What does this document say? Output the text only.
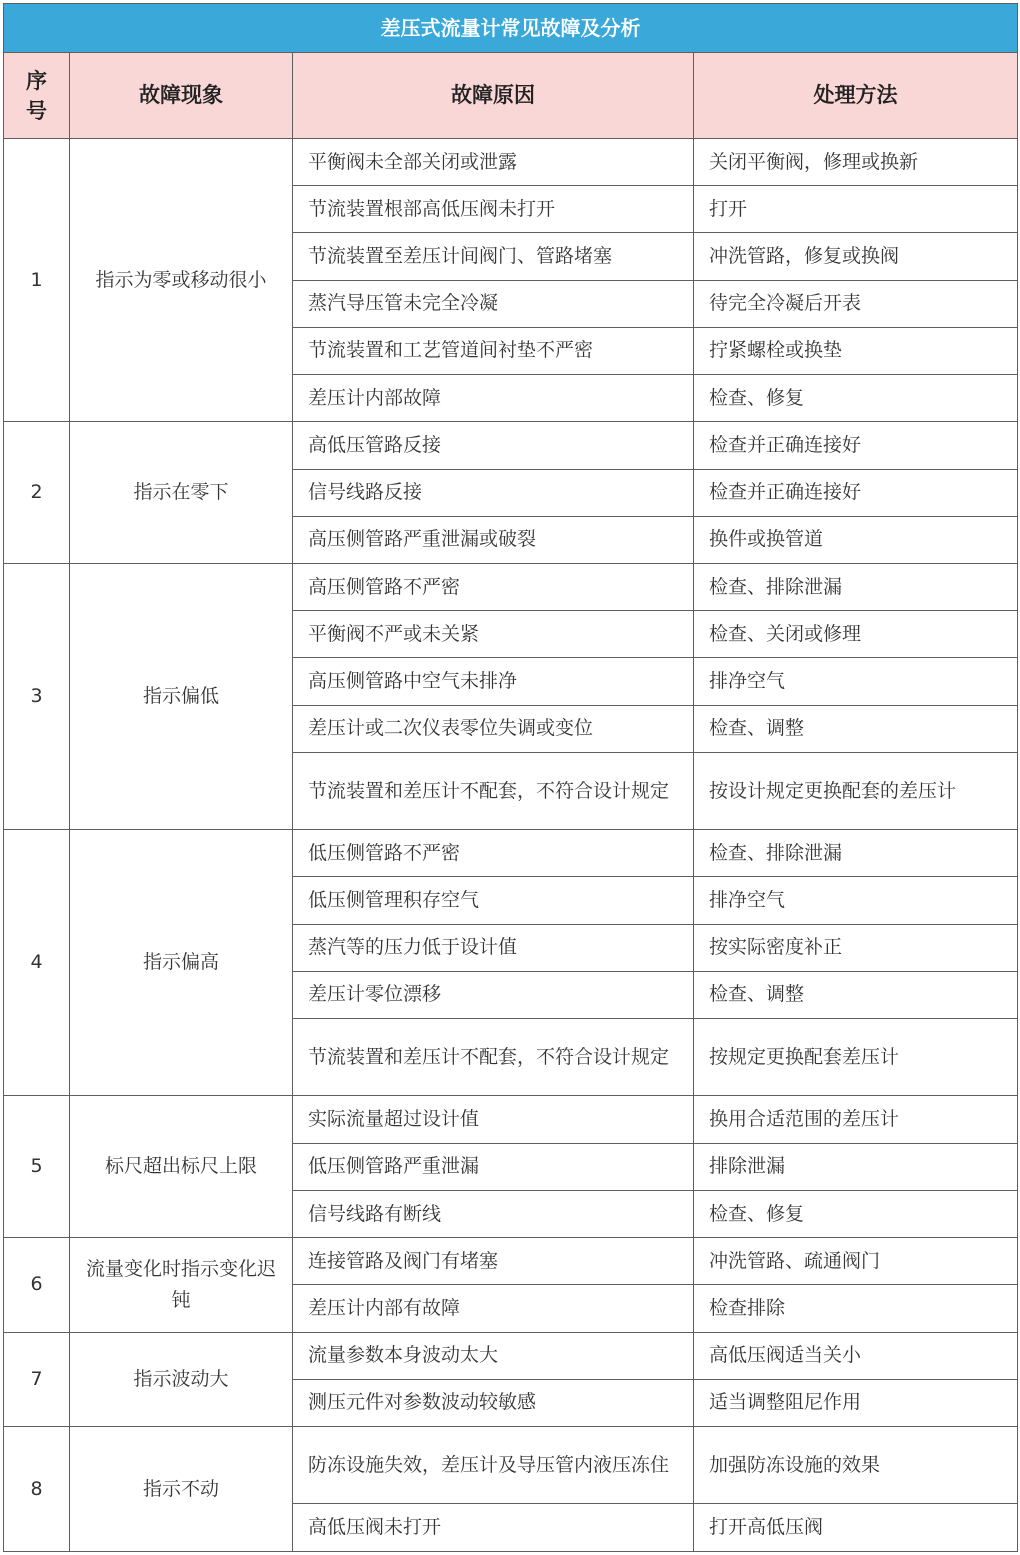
差压式流量计常见故障及分析			
序
号	故障现象	故障原因	处理方法
1	指示为零或移动很小	平衡阀未全部关闭或泄露	关闭平衡阀，修理或换新
		节流装置根部高低压阀未打开	打开
		节流装置至差压计间阀门、管路堵塞	冲洗管路，修复或换阀
		蒸汽导压管未完全冷凝	待完全冷凝后开表
		节流装置和工艺管道间衬垫不严密	拧紧螺栓或换垫
		差压计内部故障	检查、修复
2	指示在零下	高低压管路反接	检查并正确连接好
		信号线路反接	检查并正确连接好
		高压侧管路严重泄漏或破裂	换件或换管道
3	指示偏低	高压侧管路不严密	检查、排除泄漏
		平衡阀不严或未关紧	检查、关闭或修理
		高压侧管路中空气未排净	排净空气
		差压计或二次仪表零位失调或变位	检查、调整
		节流装置和差压计不配套，不符合设计规定	按设计规定更换配套的差压计
4	指示偏高	低压侧管路不严密	检查、排除泄漏
		低压侧管理积存空气	排净空气
		蒸汽等的压力低于设计值	按实际密度补正
		差压计零位漂移	检查、调整
		节流装置和差压计不配套，不符合设计规定	按规定更换配套差压计
5	标尺超出标尺上限	实际流量超过设计值	换用合适范围的差压计
		低压侧管路严重泄漏	排除泄漏
		信号线路有断线	检查、修复
6	流量变化时指示变化迟钝	连接管路及阀门有堵塞	冲洗管路、疏通阀门
		差压计内部有故障	检查排除
7	指示波动大	流量参数本身波动太大	高低压阀适当关小
		测压元件对参数波动较敏感	适当调整阻尼作用
8	指示不动	防冻设施失效，差压计及导压管内液压冻住	加强防冻设施的效果
		高低压阀未打开	打开高低压阀
